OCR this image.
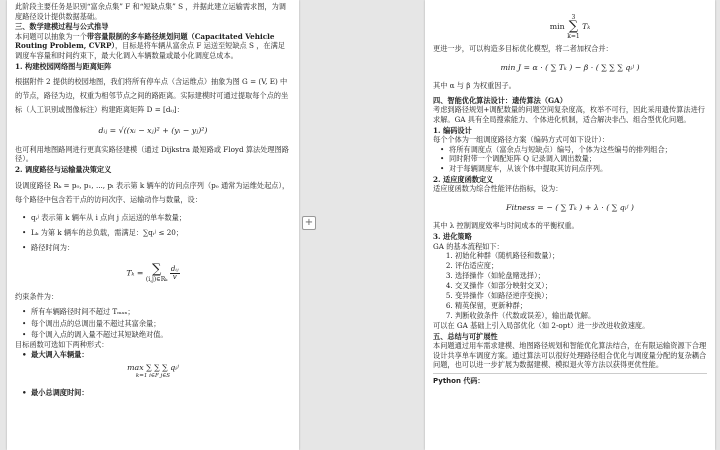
此阶段主要任务是识别“富余点集” F 和“短缺点集” S ，并据此建立运输需求图，为调度路径设计提供数据基础。

三、数学建模过程与公式推导

本问题可以抽象为一个带容量限制的多车路径规划问题（Capacitated Vehicle Routing Problem, CVRP），目标是将车辆从富余点 F 运送至短缺点 S ，在满足调度车容量和时间约束下，最大化调入车辆数量或最小化调度总成本。

1. 构建校园网络图与距离矩阵

根据附件 2 提供的校园地图，我们将所有停车点（含运维点）抽象为图 G = (V, E) 中的节点，路径为边，权重为相邻节点之间的路距离。实际建模时可通过提取每个点的坐标（人工识别或图像标注）构建距离矩阵 D = [dᵢⱼ]：

dᵢⱼ = √((xᵢ − xⱼ)² + (yᵢ − yⱼ)²)

也可利用地图路网进行更真实路径建模（通过 Dijkstra 最短路或 Floyd 算法处理图路径）。

2. 调度路径与运输量决策定义

设调度路径 Rₖ = p₀, p₁, ..., pₗ 表示第 k 辆车的访问点序列（p₀ 通常为运维处起点），每个路径中包含若干点的访问次序、运输动作与数量，设：

• qᵢʲ 表示第 k 辆车从 i 点向 j 点运送的单车数量；
• Lₖ 为第 k 辆车的总负载，需满足：∑qᵢʲ ≤ 20；
• 路径时间为：

Tₖ = ∑
(i,j)∈Rₖ $\frac{\text{dᵢⱼ}}{v}$

约束条件为：

• 所有车辆路径时间不超过 Tₘₐₓ；
• 每个调出点的总调出量不超过其富余量；
• 每个调入点的调入量不超过其短缺绝对值。

目标函数可选如下两种形式：

• 最大调入车辆量：

max ∑ ∑ ∑ qᵢʲ

k=1 i∈F j∈S

• 最小总调度时间：
+

min 3
∑
k=1 Tₖ

更进一步，可以构造多目标优化模型，将二者加权合并：

min J = α · ( ∑ Tₖ ) − β · ( ∑ ∑ ∑ qᵢʲ )

其中 α 与 β 为权重因子。

四、智能优化算法设计：遗传算法（GA）

考虑到路径规划+调配数量的问题空间复杂度高，枚举不可行，因此采用遗传算法进行求解。GA 具有全局搜索能力、个体进化机制，适合解决非凸、组合型优化问题。

1. 编码设计

每个个体为一组调度路径方案（编码方式可如下设计）：

• 将所有调度点（富余点与短缺点）编号，个体为这些编号的排列组合；
• 同时附带一个调配矩阵 Q 记录调入调出数量；
• 对于每辆调度车，从该个体中提取其访问点序列。

2. 适应度函数定义

适应度函数为综合性能评估指标，设为：

Fitness = − ( ∑ Tₖ ) + λ · ( ∑ qᵢʲ )

其中 λ 控制调度效率与时间成本的平衡权重。

3. 进化策略

GA 的基本流程如下：

1. 初始化种群（随机路径和数量）；
2. 评估适应度；
3. 选择操作（如轮盘赌选择）；
4. 交叉操作（如部分映射交叉）；
5. 变异操作（如路径逆序变换）；
6. 精英保留，更新种群；
7. 判断收敛条件（代数或误差），输出最优解。

可以在 GA 基础上引入局部优化（如 2-opt）进一步改进收敛速度。

五、总结与可扩展性

本问题通过用车需求建模、地图路径规划和智能优化算法结合，在有限运输资源下合理设计共享单车调度方案。通过算法可以很好处理路径组合优化与调度量分配的复杂耦合问题，也可以进一步扩展为数据建模、模拟退火等方法以获得更优性能。

Python 代码：
